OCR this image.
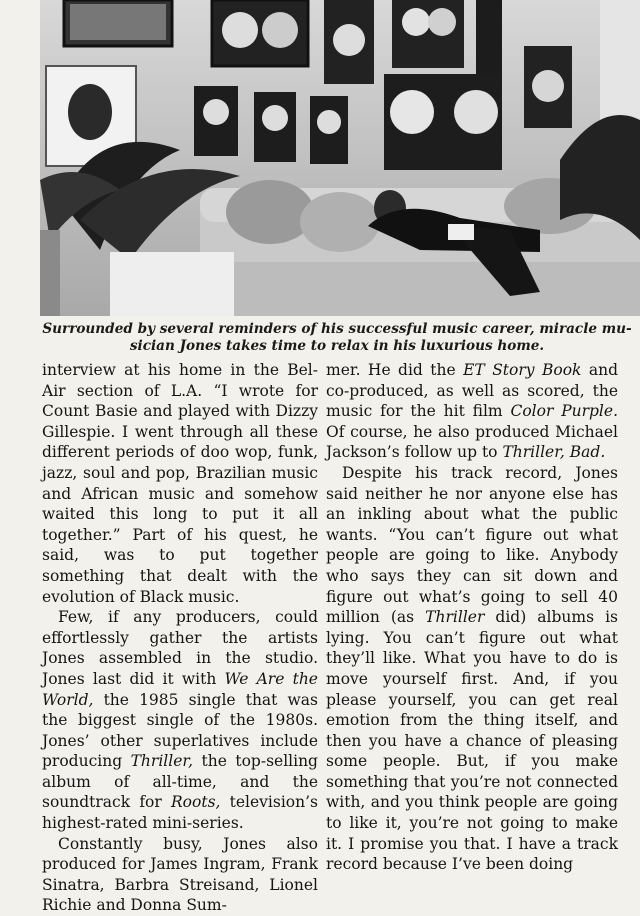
Surrounded by several reminders of his successful music career, miracle mu-
sician Jones takes time to relax in his luxurious home.

interview at his home in the Bel-Air section of L.A. “I wrote for Count Basie and played with Dizzy Gillespie. I went through all these different periods of doo wop, funk, jazz, soul and pop, Brazilian music and African music and somehow waited this long to put it all together.” Part of his quest, he said, was to put together something that dealt with the evolution of Black music.

Few, if any producers, could effortlessly gather the artists Jones assembled in the studio. Jones last did it with We Are the World, the 1985 single that was the biggest single of the 1980s. Jones’ other superlatives include producing Thriller, the top-selling album of all-time, and the soundtrack for Roots, television’s highest-rated mini-series.

Constantly busy, Jones also produced for James Ingram, Frank Sinatra, Barbra Streisand, Lionel Richie and Donna Sum-

mer. He did the ET Story Book and co-produced, as well as scored, the music for the hit film Color Purple. Of course, he also produced Michael Jackson’s follow up to Thriller, Bad.

Despite his track record, Jones said neither he nor anyone else has an inkling about what the public wants. “You can’t figure out what people are going to like. Anybody who says they can sit down and figure out what’s going to sell 40 million (as Thriller did) albums is lying. You can’t figure out what they’ll like. What you have to do is move yourself first. And, if you please yourself, you can get real emotion from the thing itself, and then you have a chance of pleasing some people. But, if you make something that you’re not connected with, and you think people are going to like it, you’re not going to make it. I promise you that. I have a track record because I’ve been doing
